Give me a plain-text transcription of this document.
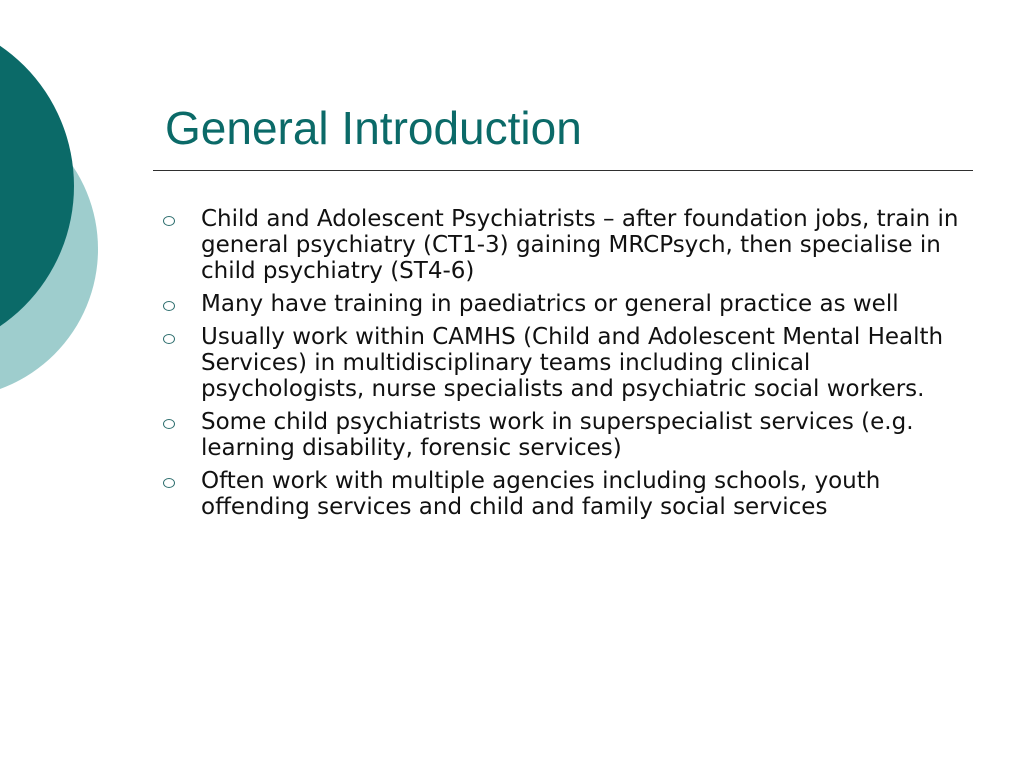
General Introduction
Child and Adolescent Psychiatrists – after foundation jobs, train in general psychiatry (CT1-3) gaining MRCPsych, then specialise in child psychiatry (ST4-6)
Many have training in paediatrics or general practice as well
Usually work within CAMHS (Child and Adolescent Mental Health Services) in multidisciplinary teams including clinical psychologists, nurse specialists and psychiatric social workers.
Some child psychiatrists work in superspecialist services (e.g. learning disability, forensic services)
Often work with multiple agencies including schools, youth offending services and child and family social services
